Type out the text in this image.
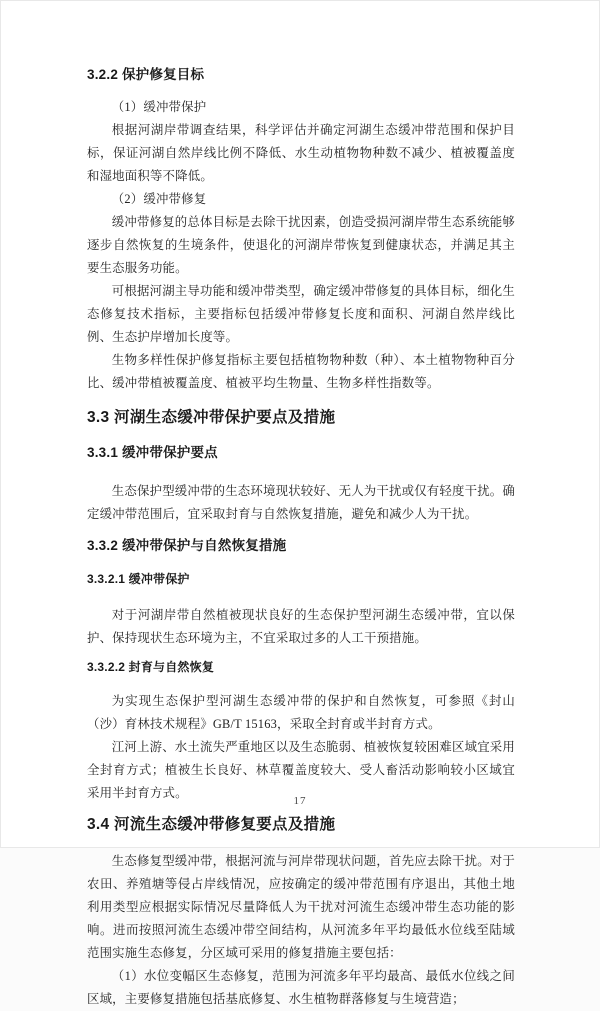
3.2.2 保护修复目标

（1）缓冲带保护

根据河湖岸带调查结果，科学评估并确定河湖生态缓冲带范围和保护目标，保证河湖自然岸线比例不降低、水生动植物物种数不减少、植被覆盖度和湿地面积等不降低。

（2）缓冲带修复

缓冲带修复的总体目标是去除干扰因素，创造受损河湖岸带生态系统能够逐步自然恢复的生境条件，使退化的河湖岸带恢复到健康状态，并满足其主要生态服务功能。

可根据河湖主导功能和缓冲带类型，确定缓冲带修复的具体目标，细化生态修复技术指标，主要指标包括缓冲带修复长度和面积、河湖自然岸线比例、生态护岸增加长度等。

生物多样性保护修复指标主要包括植物物种数（种）、本土植物物种百分比、缓冲带植被覆盖度、植被平均生物量、生物多样性指数等。

3.3 河湖生态缓冲带保护要点及措施
3.3.1 缓冲带保护要点

生态保护型缓冲带的生态环境现状较好、无人为干扰或仅有轻度干扰。确定缓冲带范围后，宜采取封育与自然恢复措施，避免和减少人为干扰。

3.3.2 缓冲带保护与自然恢复措施
3.3.2.1 缓冲带保护

对于河湖岸带自然植被现状良好的生态保护型河湖生态缓冲带，宜以保护、保持现状生态环境为主，不宜采取过多的人工干预措施。

3.3.2.2 封育与自然恢复

为实现生态保护型河湖生态缓冲带的保护和自然恢复，可参照《封山（沙）育林技术规程》GB/T 15163，采取全封育或半封育方式。

江河上游、水土流失严重地区以及生态脆弱、植被恢复较困难区域宜采用全封育方式；植被生长良好、林草覆盖度较大、受人畜活动影响较小区域宜采用半封育方式。

3.4 河流生态缓冲带修复要点及措施

生态修复型缓冲带，根据河流与河岸带现状问题，首先应去除干扰。对于农田、养殖塘等侵占岸线情况，应按确定的缓冲带范围有序退出，其他土地利用类型应根据实际情况尽量降低人为干扰对河流生态缓冲带生态功能的影响。进而按照河流生态缓冲带空间结构，从河流多年平均最低水位线至陆域范围实施生态修复，分区域可采用的修复措施主要包括：

（1）水位变幅区生态修复，范围为河流多年平均最高、最低水位线之间区域，主要修复措施包括基底修复、水生植物群落修复与生境营造；

17
